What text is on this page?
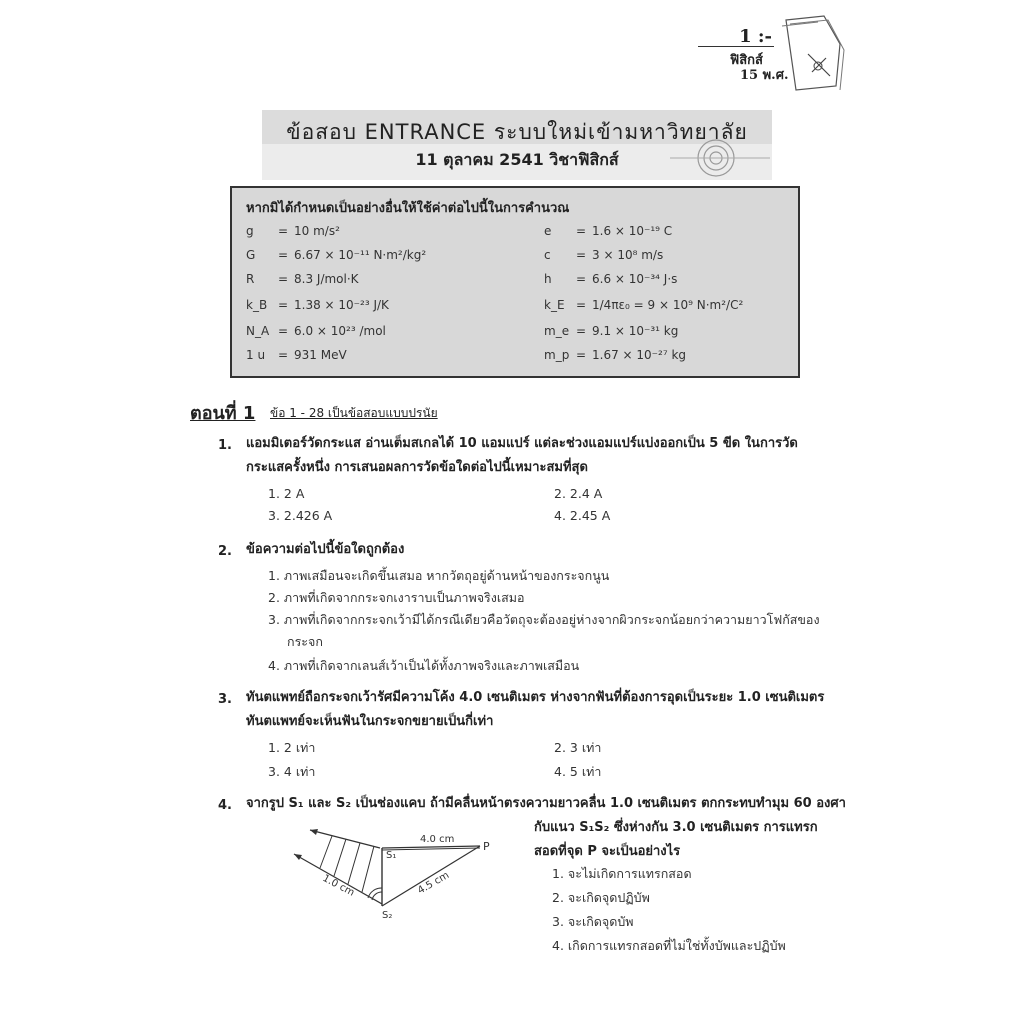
1 :-
ฟิสิกส์
15 พ.ศ.
ข้อสอบ ENTRANCE ระบบใหม่เข้ามหาวิทยาลัย
11 ตุลาคม 2541 วิชาฟิสิกส์
หากมิได้กำหนดเป็นอย่างอื่นให้ใช้ค่าต่อไปนี้ในการคำนวณ
g	= 10 m/s²
G	= 6.67 × 10⁻¹¹ N·m²/kg²
R	= 8.3 J/mol·K
k_B = 1.38 × 10⁻²³ J/K
N_A = 6.0 × 10²³ /mol
1 u	= 931 MeV
e	= 1.6 × 10⁻¹⁹ C
c	= 3 × 10⁸ m/s
h	= 6.6 × 10⁻³⁴ J·s
k_E = 1/4πε₀ = 9 × 10⁹ N·m²/C²
m_e = 9.1 × 10⁻³¹ kg
m_p = 1.67 × 10⁻²⁷ kg
ตอนที่ 1 ข้อ 1 - 28 เป็นข้อสอบแบบปรนัย
1. แอมมิเตอร์วัดกระแส อ่านเต็มสเกลได้ 10 แอมแปร์ แต่ละช่วงแอมแปร์แบ่งออกเป็น 5 ขีด ในการวัด
กระแสครั้งหนึ่ง การเสนอผลการวัดข้อใดต่อไปนี้เหมาะสมที่สุด
1. 2 A	2. 2.4 A
3. 2.426 A	4. 2.45 A
2. ข้อความต่อไปนี้ข้อใดถูกต้อง
1. ภาพเสมือนจะเกิดขึ้นเสมอ หากวัตถุอยู่ด้านหน้าของกระจกนูน
2. ภาพที่เกิดจากกระจกเงาราบเป็นภาพจริงเสมอ
3. ภาพที่เกิดจากกระจกเว้ามีได้กรณีเดียวคือวัตถุจะต้องอยู่ห่างจากผิวกระจกน้อยกว่าความยาวโฟกัสของ
กระจก
4. ภาพที่เกิดจากเลนส์เว้าเป็นได้ทั้งภาพจริงและภาพเสมือน
3. ทันตแพทย์ถือกระจกเว้ารัศมีความโค้ง 4.0 เซนติเมตร ห่างจากฟันที่ต้องการอุดเป็นระยะ 1.0 เซนติเมตร
ทันตแพทย์จะเห็นฟันในกระจกขยายเป็นกี่เท่า
1. 2 เท่า	2. 3 เท่า
3. 4 เท่า	4. 5 เท่า
4. จากรูป S₁ และ S₂ เป็นช่องแคบ ถ้ามีคลื่นหน้าตรงความยาวคลื่น 1.0 เซนติเมตร ตกกระทบทำมุม 60 องศา
กับแนว S₁S₂ ซึ่งห่างกัน 3.0 เซนติเมตร การแทรก
สอดที่จุด P จะเป็นอย่างไร
1. จะไม่เกิดการแทรกสอด
2. จะเกิดจุดปฏิบัพ
3. จะเกิดจุดบัพ
4. เกิดการแทรกสอดที่ไม่ใช่ทั้งบัพและปฏิบัพ
S₁
S₂
P
4.0 cm
4.5 cm
1.0 cm
